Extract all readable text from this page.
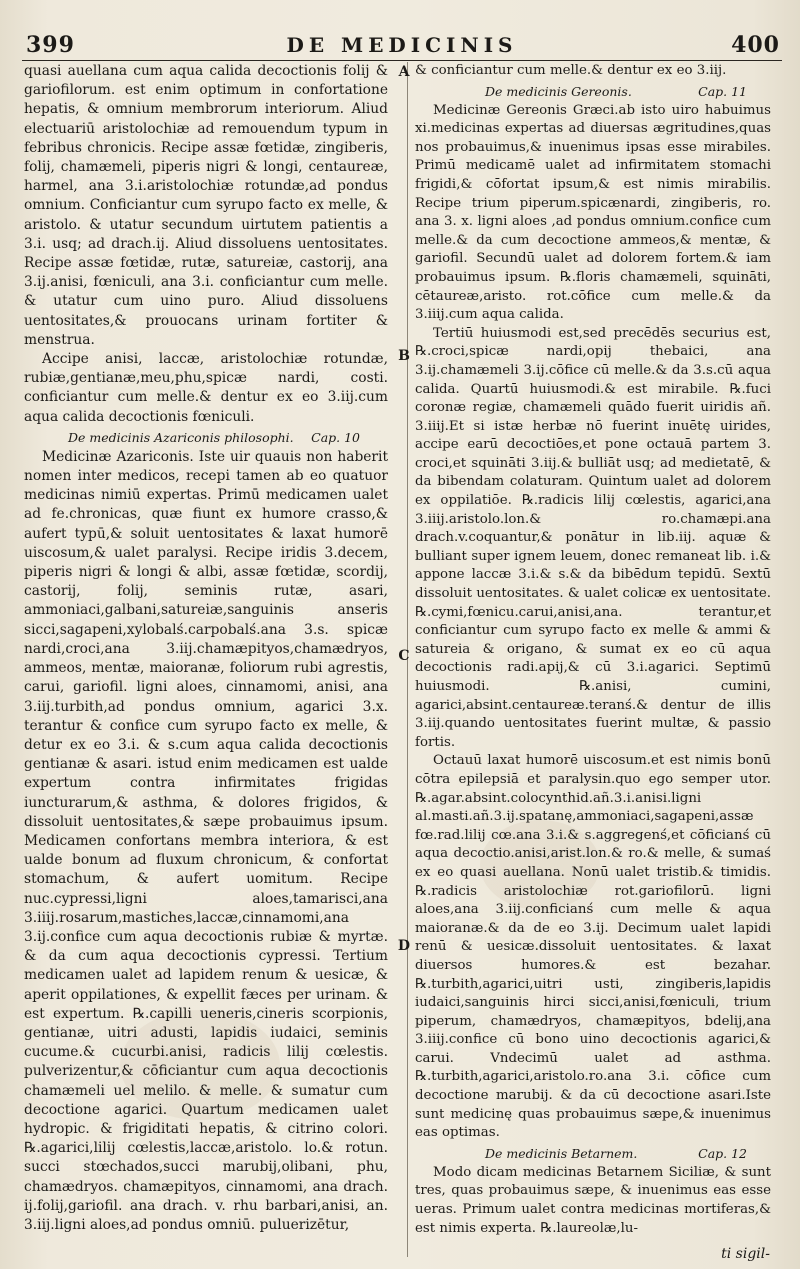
399	DE MEDICINIS	400
A
B
C
D

quasi auellana cum aqua calida decoctionis folij & gariofilorum. est enim optimum in confortatione hepatis, & omnium membrorum interiorum. Aliud electuariū aristolochiæ ad remouendum typum in febribus chronicis. Recipe assæ fœtidæ, zingiberis, folij, chamæmeli, piperis nigri & longi, centaureæ, harmel, ana 3.i.aristolochiæ rotundæ,ad pondus omnium. Conficiantur cum syrupo facto ex melle, & aristolo. & utatur secundum uirtutem patientis a 3.i. usq; ad drach.ij. Aliud dissoluens uentositates. Recipe assæ fœtidæ, rutæ, satureiæ, castorij, ana 3.ij.anisi, fœniculi, ana 3.i. conficiantur cum melle. & utatur cum uino puro. Aliud dissoluens uentositates,& prouocans urinam fortiter & menstrua.

Accipe anisi, laccæ, aristolochiæ rotundæ, rubiæ,gentianæ,meu,phu,spicæ nardi, costi. conficiantur cum melle.& dentur ex eo 3.iij.cum aqua calida decoctionis fœniculi.

De medicinis Azariconis philosophi. Cap. 10

Medicinæ Azariconis. Iste uir quauis non haberit nomen inter medicos, recepi tamen ab eo quatuor medicinas nimiū expertas. Primū medicamen ualet ad fe.chronicas, quæ fiunt ex humore crasso,& aufert typū,& soluit uentositates & laxat humorē uiscosum,& ualet paralysi. Recipe iridis 3.decem, piperis nigri & longi & albi, assæ fœtidæ, scordij, castorij, folij, seminis rutæ, asari, ammoniaci,galbani,satureiæ,sanguinis anseris sicci,sagapeni,xylobalś.carpobalś.ana 3.s. spicæ nardi,croci,ana 3.iij.chamæpityos,chamædryos, ammeos, mentæ, maioranæ, foliorum rubi agrestis, carui, gariofil. ligni aloes, cinnamomi, anisi, ana 3.iij.turbith,ad pondus omnium, agarici 3.x. terantur & confice cum syrupo facto ex melle, & detur ex eo 3.i. & s.cum aqua calida decoctionis gentianæ & asari. istud enim medicamen est ualde expertum contra infirmitates frigidas iuncturarum,& asthma, & dolores frigidos, & dissoluit uentositates,& sæpe probauimus ipsum. Medicamen confortans membra interiora, & est ualde bonum ad fluxum chronicum, & confortat stomachum, & aufert uomitum. Recipe nuc.cypressi,ligni aloes,tamarisci,ana 3.iiij.rosarum,mastiches,laccæ,cinnamomi,ana 3.ij.confice cum aqua decoctionis rubiæ & myrtæ. & da cum aqua decoctionis cypressi. Tertium medicamen ualet ad lapidem renum & uesicæ, & aperit oppilationes, & expellit fæces per urinam. & est expertum. ℞.capilli ueneris,cineris scorpionis, gentianæ, uitri adusti, lapidis iudaici, seminis cucume.& cucurbi.anisi, radicis lilij cœlestis. pulverizentur,& cōficiantur cum aqua decoctionis chamæmeli uel melilo. & melle. & sumatur cum decoctione agarici. Quartum medicamen ualet hydropic. & frigiditati hepatis, & citrino colori. ℞.agarici,lilij cœlestis,laccæ,aristolo. lo.& rotun. succi stœchados,succi marubij,olibani, phu, chamædryos. chamæpityos, cinnamomi, ana drach. ij.folij,gariofil. ana drach. v. rhu barbari,anisi, an. 3.iij.ligni aloes,ad pondus omniū. puluerizētur,

& conficiantur cum melle.& dentur ex eo 3.iij.

De medicinis Gereonis.	Cap. 11

Medicinæ Gereonis Græci.ab isto uiro habuimus xi.medicinas expertas ad diuersas ægritudines,quas nos probauimus,& inuenimus ipsas esse mirabiles. Primū medicamē ualet ad infirmitatem stomachi frigidi,& cōfortat ipsum,& est nimis mirabilis. Recipe trium piperum.spicænardi, zingiberis, ro. ana 3. x. ligni aloes ,ad pondus omnium.confice cum melle.& da cum decoctione ammeos,& mentæ, & gariofil. Secundū ualet ad dolorem fortem.& iam probauimus ipsum. ℞.floris chamæmeli, squināti, cētaureæ,aristo. rot.cōfice cum melle.& da 3.iiij.cum aqua calida.

Tertiū huiusmodi est,sed precēdēs securius est, ℞.croci,spicæ nardi,opij thebaici, ana 3.ij.chamæmeli 3.ij.cōfice cū melle.& da 3.s.cū aqua calida. Quartū huiusmodi.& est mirabile. ℞.fuci coronæ regiæ, chamæmeli quādo fuerit uiridis añ. 3.iiij.Et si istæ herbæ nō fuerint inuētę uirides, accipe earū decoctiōes,et pone octauā partem 3. croci,et squināti 3.iij.& bulliāt usq; ad medietatē, & da bibendam colaturam. Quintum ualet ad dolorem ex oppilatiōe. ℞.radicis lilij cœlestis, agarici,ana 3.iiij.aristolo.lon.& ro.chamæpi.ana drach.v.coquantur,& ponātur in lib.iij. aquæ & bulliant super ignem leuem, donec remaneat lib. i.& appone laccæ 3.i.& s.& da bibēdum tepidū. Sextū dissoluit uentositates. & ualet colicæ ex uentositate. ℞.cymi,fœnicu.carui,anisi,ana. terantur,et conficiantur cum syrupo facto ex melle & ammi & satureia & origano, & sumat ex eo cū aqua decoctionis radi.apij,& cū 3.i.agarici. Septimū huiusmodi. ℞.anisi, cumini, agarici,absint.centaureæ.teranś.& dentur de illis 3.iij.quando uentositates fuerint multæ, & passio fortis.

Octauū laxat humorē uiscosum.et est nimis bonū cōtra epilepsiā et paralysin.quo ego semper utor. ℞.agar.absint.colocynthid.añ.3.i.anisi.ligni al.masti.añ.3.ij.spatanę,ammoniaci,sagapeni,assæ fœ.rad.lilij cœ.ana 3.i.& s.aggregenś,et cōficianś cū aqua decoctio.anisi,arist.lon.& ro.& melle, & sumaś ex eo quasi auellana. Nonū ualet tristib.& timidis. ℞.radicis aristolochiæ rot.gariofilorū. ligni aloes,ana 3.iij.conficianś cum melle & aqua maioranæ.& da de eo 3.ij. Decimum ualet lapidi renū & uesicæ.dissoluit uentositates. & laxat diuersos humores.& est bezahar. ℞.turbith,agarici,uitri usti, zingiberis,lapidis iudaici,sanguinis hirci sicci,anisi,fœniculi, trium piperum, chamædryos, chamæpityos, bdelij,ana 3.iiij.confice cū bono uino decoctionis agarici,& carui. Vndecimū ualet ad asthma. ℞.turbith,agarici,aristolo.ro.ana 3.i. cōfice cum decoctione marubij. & da cū decoctione asari.Iste sunt medicinę quas probauimus sæpe,& inuenimus eas optimas.

De medicinis Betarnem.	Cap. 12

Modo dicam medicinas Betarnem Siciliæ, & sunt tres, quas probauimus sæpe, & inuenimus eas esse ueras. Primum ualet contra medicinas mortiferas,& est nimis experta. ℞.laureolæ,lu-

ti sigil-
